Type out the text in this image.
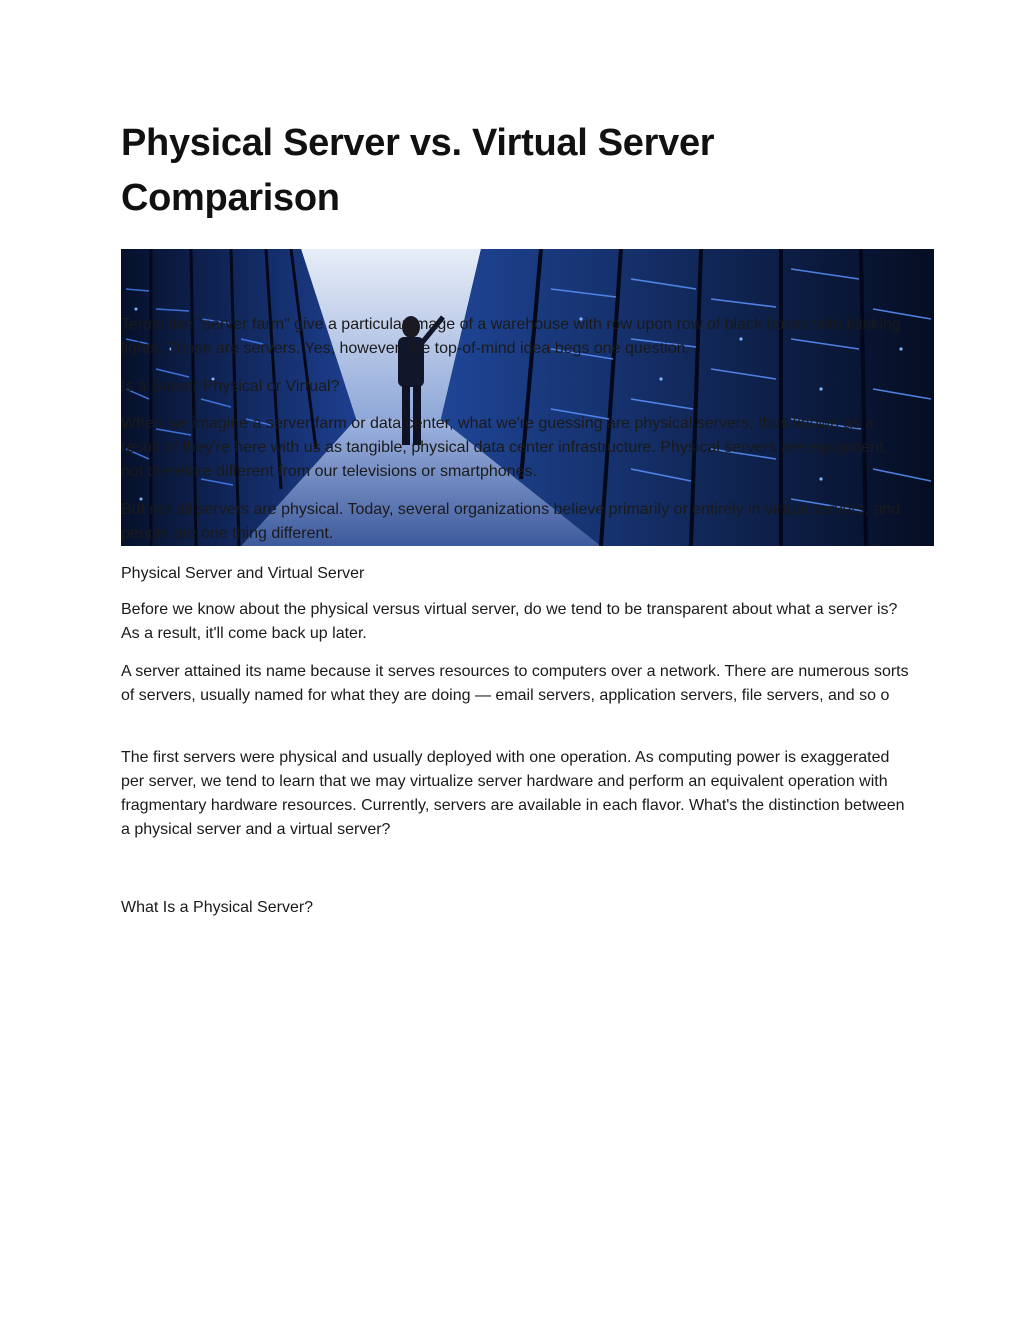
Physical Server vs. Virtual Server Comparison

Terms like "server farm" give a particular image of a warehouse with row upon row of black boxes with blinking lights. Those are servers. Yes, however, the top-of-mind idea begs one question.

Is a Server Physical or Virtual?

When we imagine a server farm or data center, what we're guessing are physical servers, thus known as a result of they're here with us as tangible, physical data center infrastructure. Physical servers are equipment, not therefore different from our televisions or smartphones.

But not all servers are physical. Today, several organizations believe primarily or entirely in virtual servers, and people are one thing different.

Physical Server and Virtual Server

Before we know about the physical versus virtual server, do we tend to be transparent about what a server is? As a result, it'll come back up later.

A server attained its name because it serves resources to computers over a network. There are numerous sorts of servers, usually named for what they are doing — email servers, application servers, file servers, and so o

The first servers were physical and usually deployed with one operation. As computing power is exaggerated per server, we tend to learn that we may virtualize server hardware and perform an equivalent operation with fragmentary hardware resources. Currently, servers are available in each flavor. What's the distinction between a physical server and a virtual server?

What Is a Physical Server?
